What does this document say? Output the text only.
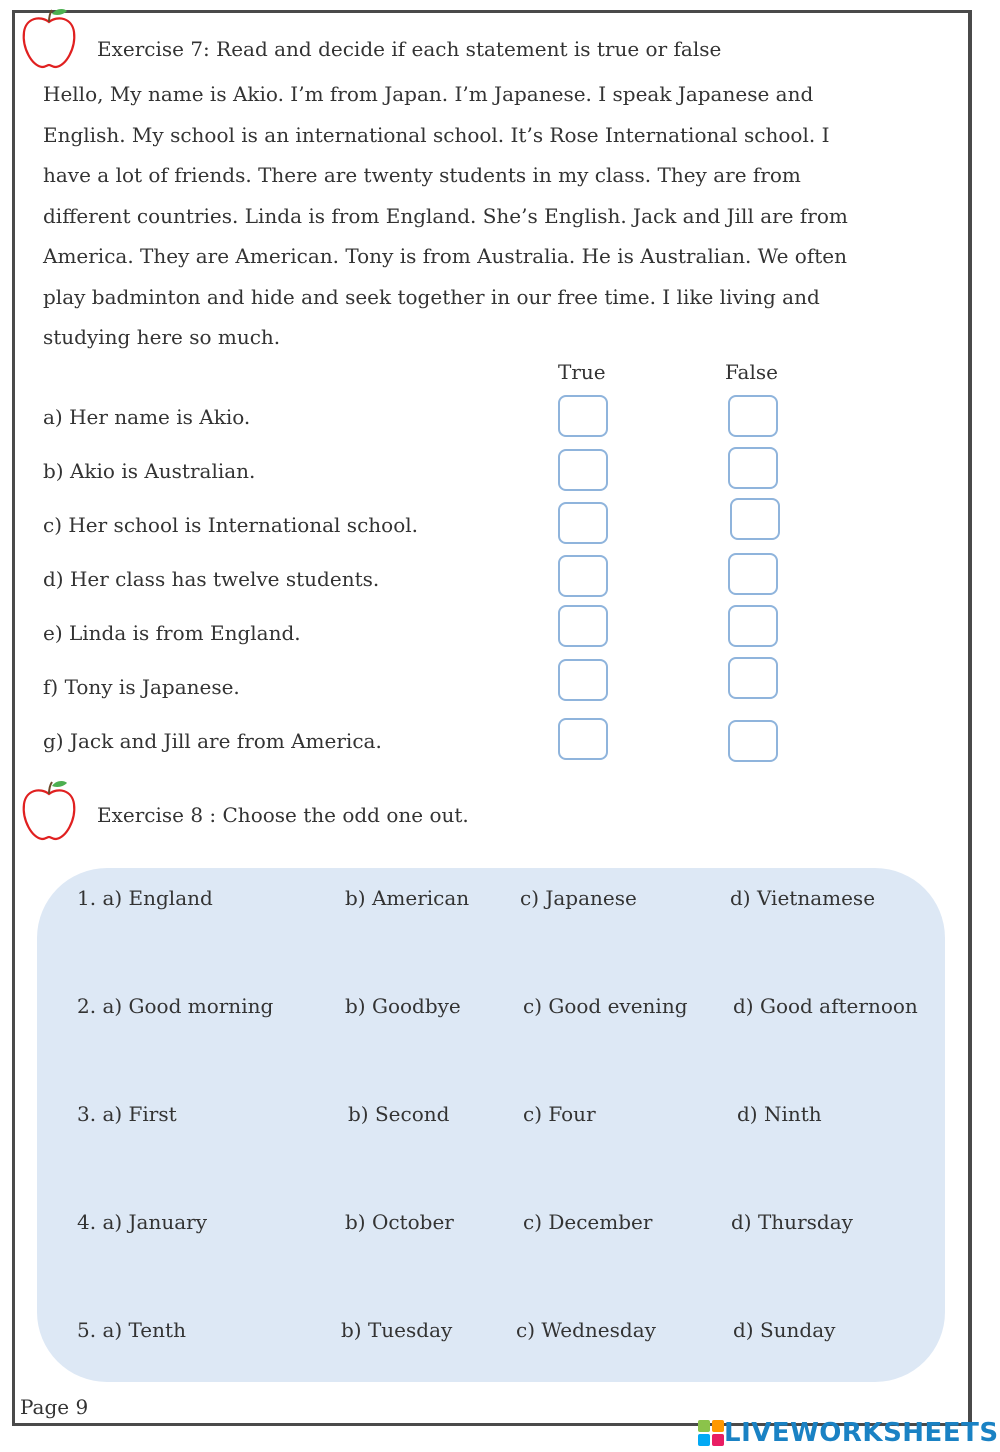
Exercise 7: Read and decide if each statement is true or false
Hello, My name is Akio. I’m from Japan. I’m Japanese. I speak Japanese and
English. My school is an international school. It’s Rose International school. I
have a lot of friends. There are twenty students in my class. They are from
different countries. Linda is from England. She’s English. Jack and Jill are from
America. They are American. Tony is from Australia. He is Australian. We often
play badminton and hide and seek together in our free time. I like living and
studying here so much.
True	False
a) Her name is Akio.
b) Akio is Australian.
c) Her school is International school.
d) Her class has twelve students.
e) Linda is from England.
f) Tony is Japanese.
g) Jack and Jill are from America.
Exercise 8 : Choose the odd one out.
1. a) England	b) American	c) Japanese	d) Vietnamese
2. a) Good morning	b) Goodbye	c) Good evening d) Good afternoon
3. a) First	b) Second	c) Four	d) Ninth
4. a) January	b) October	c) December	d) Thursday
5. a) Tenth	b) Tuesday	c) Wednesday	d) Sunday
Page 9
LIVEWORKSHEETS
